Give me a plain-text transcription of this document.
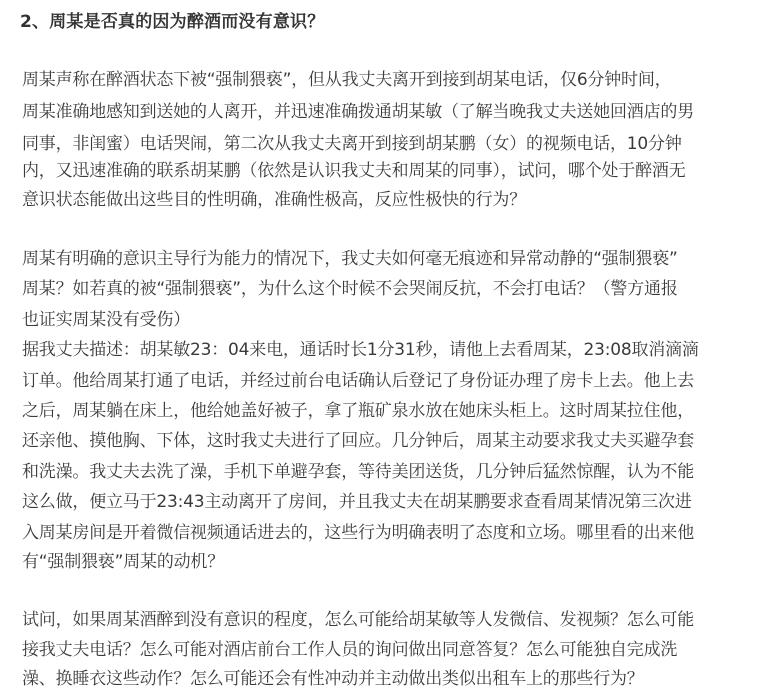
2、周某是否真的因为醉酒而没有意识？
周某声称在醉酒状态下被“强制猥亵”，但从我丈夫离开到接到胡某电话，仅6分钟时间，
周某准确地感知到送她的人离开，并迅速准确拨通胡某敏（了解当晚我丈夫送她回酒店的男
同事，非闺蜜）电话哭闹，第二次从我丈夫离开到接到胡某鹏（女）的视频电话，10分钟
内，又迅速准确的联系胡某鹏（依然是认识我丈夫和周某的同事），试问，哪个处于醉酒无
意识状态能做出这些目的性明确，准确性极高，反应性极快的行为？
周某有明确的意识主导行为能力的情况下，我丈夫如何毫无痕迹和异常动静的“强制猥亵”
周某？如若真的被“强制猥亵”，为什么这个时候不会哭闹反抗，不会打电话？（警方通报
也证实周某没有受伤）
据我丈夫描述：胡某敏23：04来电，通话时长1分31秒，请他上去看周某，23:08取消滴滴
订单。他给周某打通了电话，并经过前台电话确认后登记了身份证办理了房卡上去。他上去
之后，周某躺在床上，他给她盖好被子，拿了瓶矿泉水放在她床头柜上。这时周某拉住他，
还亲他、摸他胸、下体，这时我丈夫进行了回应。几分钟后，周某主动要求我丈夫买避孕套
和洗澡。我丈夫去洗了澡，手机下单避孕套，等待美团送货，几分钟后猛然惊醒，认为不能
这么做，便立马于23:43主动离开了房间，并且我丈夫在胡某鹏要求查看周某情况第三次进
入周某房间是开着微信视频通话进去的，这些行为明确表明了态度和立场。哪里看的出来他
有“强制猥亵”周某的动机？
试问，如果周某酒醉到没有意识的程度，怎么可能给胡某敏等人发微信、发视频？怎么可能
接我丈夫电话？怎么可能对酒店前台工作人员的询问做出同意答复？怎么可能独自完成洗
澡、换睡衣这些动作？怎么可能还会有性冲动并主动做出类似出租车上的那些行为？
